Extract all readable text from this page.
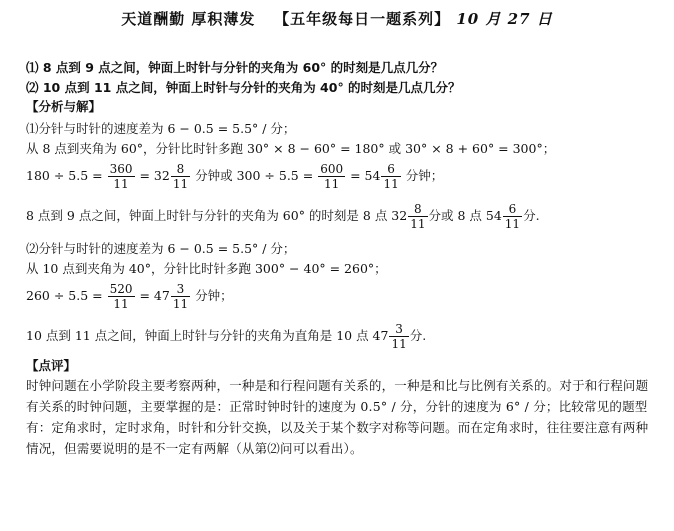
天道酬勤 厚积薄发 【五年级每日一题系列】 10 月 27 日
⑴ 8 点到 9 点之间，钟面上时针与分针的夹角为 60° 的时刻是几点几分？
⑵ 10 点到 11 点之间，钟面上时针与分针的夹角为 40° 的时刻是几点几分？
【分析与解】
⑴分针与时针的速度差为 6 − 0.5 = 5.5° / 分；
从 8 点到夹角为 60°，分针比时针多跑 30° × 8 − 60° = 180° 或 30° × 8 + 60° = 300°；
$180 \div 5.5 = \frac{360}{11} = 32 \frac{8}{11}$ 分钟或 $300 \div 5.5 = \frac{600}{11} = 54 \frac{6}{11}$ 分钟；
8 点到 9 点之间，钟面上时针与分针的夹角为 60° 的时刻是 8 点 $32 \frac{8}{11}$ 分或 8 点 $54 \frac{6}{11}$ 分.
⑵分针与时针的速度差为 6 − 0.5 = 5.5° / 分；
从 10 点到夹角为 40°，分针比时针多跑 300° − 40° = 260°；
$260 \div 5.5 = \frac{520}{11} = 47 \frac{3}{11}$ 分钟；
10 点到 11 点之间，钟面上时针与分针的夹角为直角是 10 点 $47 \frac{3}{11}$ 分.
【点评】
时钟问题在小学阶段主要考察两种，一种是和行程问题有关系的，一种是和比与比例有关系的。对于和行程问题有关系的时钟问题，主要掌握的是：正常时钟时针的速度为 0.5° / 分，分针的速度为 6° / 分；比较常见的题型有：定角求时，定时求角，时针和分针交换，以及关于某个数字对称等问题。而在定角求时，往往要注意有两种情况，但需要说明的是不一定有两解（从第⑵问可以看出）。
